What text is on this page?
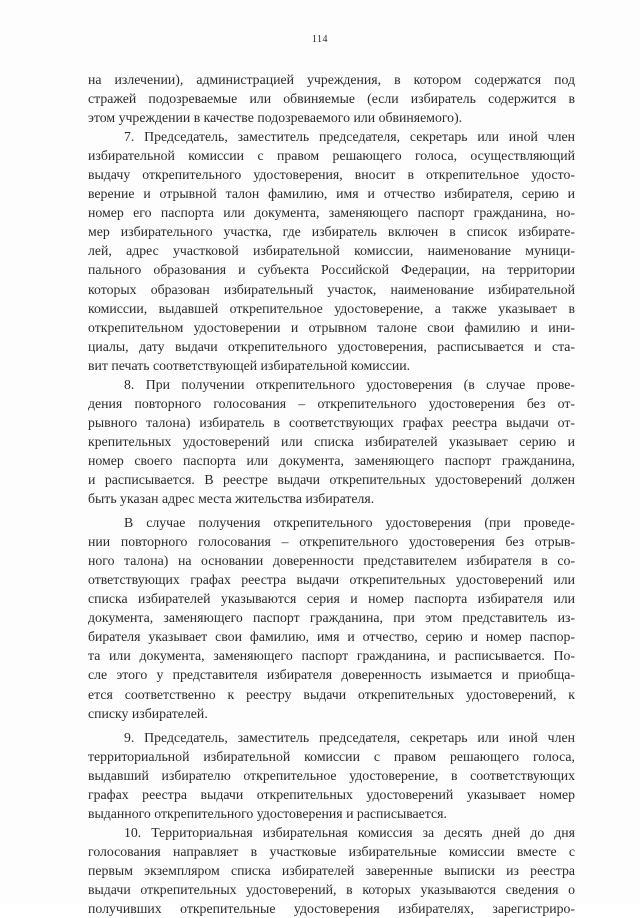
114

на излечении), администрацией учреждения, в котором содержатся под

стражей подозреваемые или обвиняемые (если избиратель содержится в

этом учреждении в качестве подозреваемого или обвиняемого).

7. Председатель, заместитель председателя, секретарь или иной член

избирательной комиссии с правом решающего голоса, осуществляющий

выдачу открепительного удостоверения, вносит в открепительное удосто-

верение и отрывной талон фамилию, имя и отчество избирателя, серию и

номер его паспорта или документа, заменяющего паспорт гражданина, но-

мер избирательного участка, где избиратель включен в список избирате-

лей, адрес участковой избирательной комиссии, наименование муници-

пального образования и субъекта Российской Федерации, на территории

которых образован избирательный участок, наименование избирательной

комиссии, выдавшей открепительное удостоверение, а также указывает в

открепительном удостоверении и отрывном талоне свои фамилию и ини-

циалы, дату выдачи открепительного удостоверения, расписывается и ста-

вит печать соответствующей избирательной комиссии.

8. При получении открепительного удостоверения (в случае прове-

дения повторного голосования – открепительного удостоверения без от-

рывного талона) избиратель в соответствующих графах реестра выдачи от-

крепительных удостоверений или списка избирателей указывает серию и

номер своего паспорта или документа, заменяющего паспорт гражданина,

и расписывается. В реестре выдачи открепительных удостоверений должен

быть указан адрес места жительства избирателя.

В случае получения открепительного удостоверения (при проведе-

нии повторного голосования – открепительного удостоверения без отрыв-

ного талона) на основании доверенности представителем избирателя в со-

ответствующих графах реестра выдачи открепительных удостоверений или

списка избирателей указываются серия и номер паспорта избирателя или

документа, заменяющего паспорт гражданина, при этом представитель из-

бирателя указывает свои фамилию, имя и отчество, серию и номер паспор-

та или документа, заменяющего паспорт гражданина, и расписывается. По-

сле этого у представителя избирателя доверенность изымается и приобща-

ется соответственно к реестру выдачи открепительных удостоверений, к

списку избирателей.

9. Председатель, заместитель председателя, секретарь или иной член

территориальной избирательной комиссии с правом решающего голоса,

выдавший избирателю открепительное удостоверение, в соответствующих

графах реестра выдачи открепительных удостоверений указывает номер

выданного открепительного удостоверения и расписывается.

10. Территориальная избирательная комиссия за десять дней до дня

голосования направляет в участковые избирательные комиссии вместе с

первым экземпляром списка избирателей заверенные выписки из реестра

выдачи открепительных удостоверений, в которых указываются сведения о

получивших открепительные удостоверения избирателях, зарегистриро-
